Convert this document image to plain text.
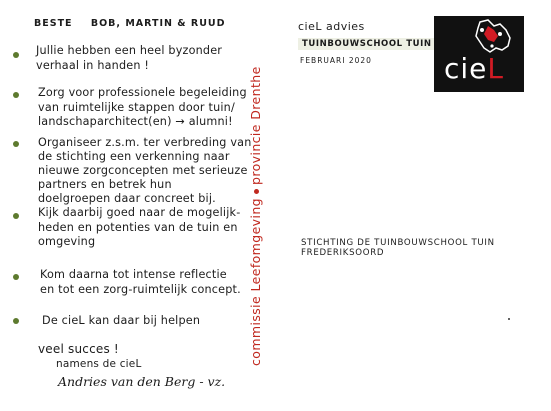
BESTE BOB, MARTIN & RUUD
Jullie hebben een heel byzonder
verhaal in handen !
Zorg voor professionele begeleiding
van ruimtelijke stappen door tuin/
landschaparchitect(en) → alumni!
Organiseer z.s.m. ter verbreding van
de stichting een verkenning naar
nieuwe zorgconcepten met serieuze
partners en betrek hun
doelgroepen daar concreet bij.
Kijk daarbij goed naar de mogelijk-
heden en potenties van de tuin en
omgeving
Kom daarna tot intense reflectie
en tot een zorg-ruimtelijk concept.
De cieL kan daar bij helpen
veel succes !
namens de cieL
Andries van den Berg - vz.
commissie Leefomgevingprovincie Drenthe
cieL advies
TUINBOUWSCHOOL TUIN
FEBRUARI 2020	cieL
STICHTING DE TUINBOUWSCHOOL TUIN FREDERIKSOORD
